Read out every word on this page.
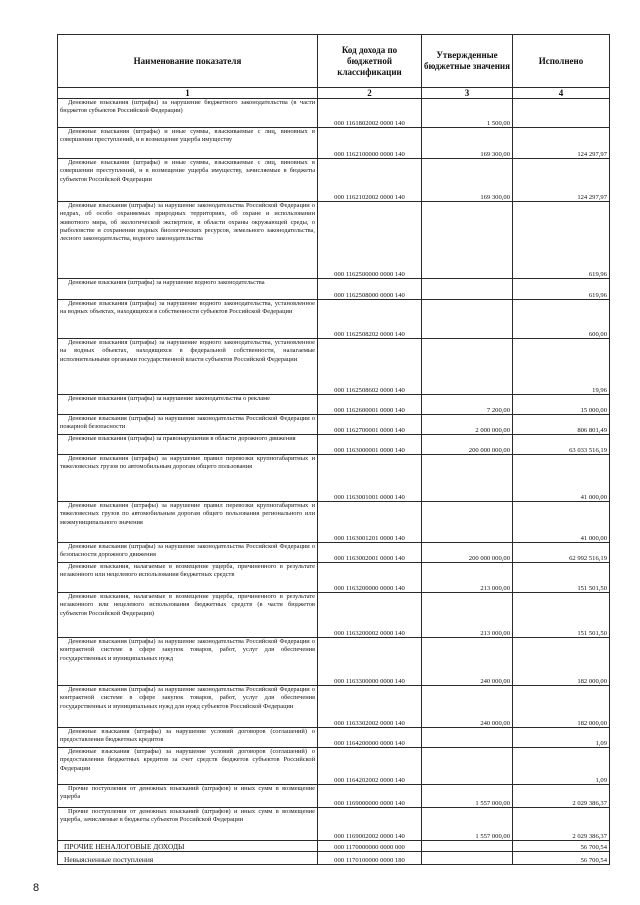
Наименование показателя	Код дохода по бюджетной классификации	Утвержденные бюджетные значения	Исполнено
1	2	3	4
Денежные взыскания (штрафы) за нарушение бюджетного законодательства (в части бюджетов субъектов Российской Федерации)	000 1161802002 0000 140	1 500,00	
Денежные взыскания (штрафы) и иные суммы, взыскиваемые с лиц, виновных в совершении преступлений, и в возмещение ущерба имуществу	000 1162100000 0000 140	169 300,00	124 297,97
Денежные взыскания (штрафы) и иные суммы, взыскиваемые с лиц, виновных в совершении преступлений, и в возмещение ущерба имуществу, зачисляемые в бюджеты субъектов Российской Федерации	000 1162102002 0000 140	169 300,00	124 297,97
Денежные взыскания (штрафы) за нарушение законодательства Российской Федерации о недрах, об особо охраняемых природных территориях, об охране и использовании животного мира, об экологической экспертизе, в области охраны окружающей среды, о рыболовстве и сохранении водных биологических ресурсов, земельного законодательства, лесного законодательства, водного законодательства	000 1162500000 0000 140		619,96
Денежные взыскания (штрафы) за нарушение водного законодательства	000 1162508000 0000 140		619,96
Денежные взыскания (штрафы) за нарушение водного законодательства, установленное на водных объектах, находящихся в собственности субъектов Российской Федерации	000 1162508202 0000 140		600,00
Денежные взыскания (штрафы) за нарушение водного законодательства, установленное на водных объектах, находящихся в федеральной собственности, налагаемые исполнительными органами государственной власти субъектов Российской Федерации	000 1162508602 0000 140		19,96
Денежные взыскания (штрафы) за нарушение законодательства о рекламе	000 1162600001 0000 140	7 200,00	15 000,00
Денежные взыскания (штрафы) за нарушение законодательства Российской Федерации о пожарной безопасности	000 1162700001 0000 140	2 000 000,00	806 801,49
Денежные взыскания (штрафы) за правонарушения в области дорожного движения	000 1163000001 0000 140	200 000 000,00	63 033 516,19
Денежные взыскания (штрафы) за нарушение правил перевозки крупногабаритных и тяжеловесных грузов по автомобильным дорогам общего пользования	000 1163001001 0000 140		41 000,00
Денежные взыскания (штрафы) за нарушение правил перевозки крупногабаритных и тяжеловесных грузов по автомобильным дорогам общего пользования регионального или межмуниципального значения	000 1163001201 0000 140		41 000,00
Денежные взыскания (штрафы) за нарушение законодательства Российской Федерации о безопасности дорожного движения	000 1163002001 0000 140	200 000 000,00	62 992 516,19
Денежные взыскания, налагаемые в возмещение ущерба, причиненного в результате незаконного или нецелевого использования бюджетных средств	000 1163200000 0000 140	213 000,00	151 501,50
Денежные взыскания, налагаемые в возмещение ущерба, причиненного в результате незаконного или нецелевого использования бюджетных средств (в части бюджетов субъектов Российской Федерации)	000 1163200002 0000 140	213 000,00	151 501,50
Денежные взыскания (штрафы) за нарушение законодательства Российской Федерации о контрактной системе в сфере закупок товаров, работ, услуг для обеспечения государственных и муниципальных нужд	000 1163300000 0000 140	240 000,00	182 000,00
Денежные взыскания (штрафы) за нарушение законодательства Российской Федерации о контрактной системе в сфере закупок товаров, работ, услуг для обеспечения государственных и муниципальных нужд для нужд субъектов Российской Федерации	000 1163302002 0000 140	240 000,00	182 000,00
Денежные взыскания (штрафы) за нарушение условий договоров (соглашений) о предоставлении бюджетных кредитов	000 1164200000 0000 140		1,09
Денежные взыскания (штрафы) за нарушение условий договоров (соглашений) о предоставлении бюджетных кредитов за счет средств бюджетов субъектов Российской Федерации	000 1164202002 0000 140		1,09
Прочие поступления от денежных взысканий (штрафов) и иных сумм в возмещение ущерба	000 1169000000 0000 140	1 557 000,00	2 029 386,37
Прочие поступления от денежных взысканий (штрафов) и иных сумм в возмещение ущерба, зачисляемые в бюджеты субъектов Российской Федерации	000 1169002002 0000 140	1 557 000,00	2 029 386,37
ПРОЧИЕ НЕНАЛОГОВЫЕ ДОХОДЫ	000 1170000000 0000 000		56 700,54
Невыясненные поступления	000 1170100000 0000 180		56 700,54
8
